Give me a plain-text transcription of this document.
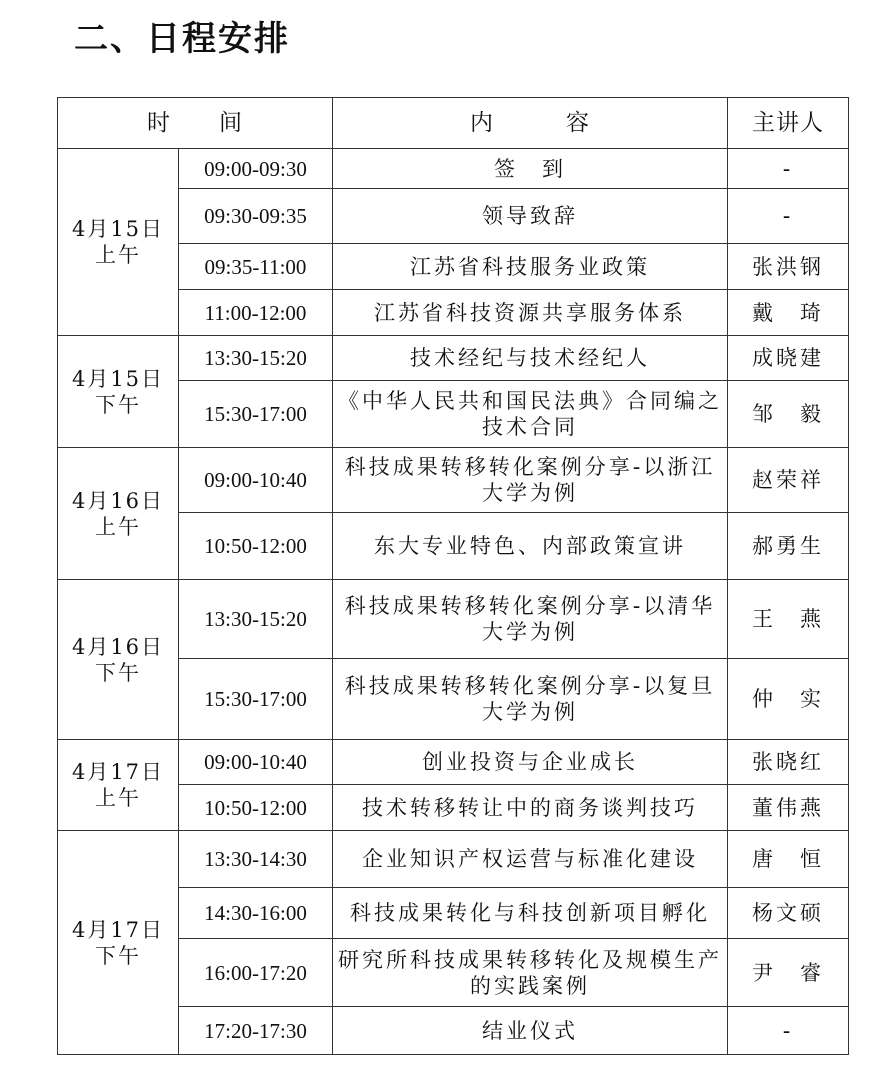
二、日程安排
时　　间		内　　　容	主讲人

4月15日
上午	09:00-09:30	签　到	-
	09:30-09:35	领导致辞	-
	09:35-11:00	江苏省科技服务业政策	张洪钢
	11:00-12:00	江苏省科技资源共享服务体系	戴　琦

4月15日
下午	13:30-15:20	技术经纪与技术经纪人	成晓建
	15:30-17:00	《中华人民共和国民法典》合同编之技术合同	邹　毅

4月16日
上午	09:00-10:40	科技成果转移转化案例分享-以浙江大学为例	赵荣祥
	10:50-12:00	东大专业特色、内部政策宣讲	郝勇生

4月16日
下午	13:30-15:20	科技成果转移转化案例分享-以清华大学为例	王　燕
	15:30-17:00	科技成果转移转化案例分享-以复旦大学为例	仲　实

4月17日
上午	09:00-10:40	创业投资与企业成长	张晓红
	10:50-12:00	技术转移转让中的商务谈判技巧	董伟燕

4月17日
下午	13:30-14:30	企业知识产权运营与标准化建设	唐　恒
	14:30-16:00	科技成果转化与科技创新项目孵化	杨文硕
	16:00-17:20	研究所科技成果转移转化及规模生产的实践案例	尹　睿
	17:20-17:30	结业仪式	-
